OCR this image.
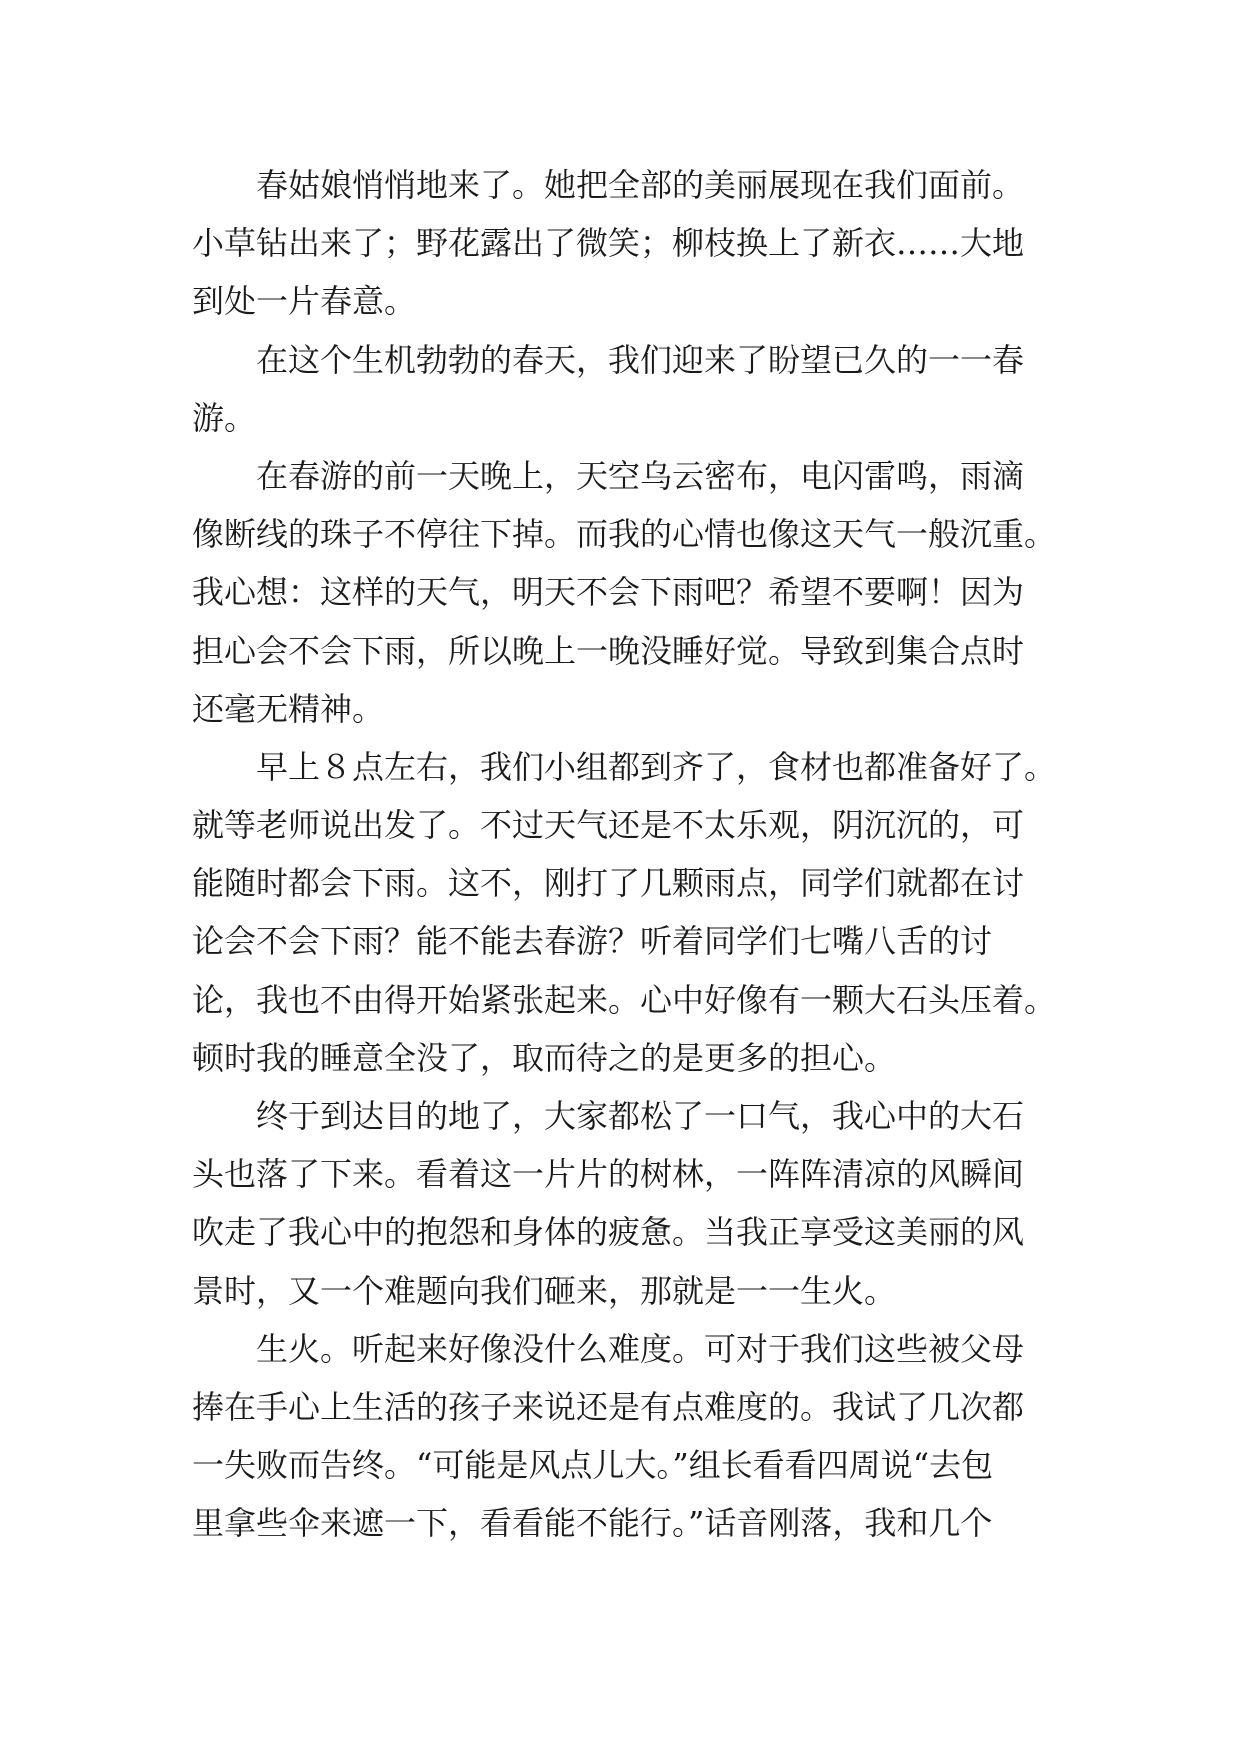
春姑娘悄悄地来了。她把全部的美丽展现在我们面前。
小草钻出来了；野花露出了微笑；柳枝换上了新衣……大地
到处一片春意。
在这个生机勃勃的春天，我们迎来了盼望已久的一一春
游。
在春游的前一天晚上，天空乌云密布，电闪雷鸣，雨滴
像断线的珠子不停往下掉。而我的心情也像这天气一般沉重。
我心想：这样的天气，明天不会下雨吧？希望不要啊！因为
担心会不会下雨，所以晚上一晚没睡好觉。导致到集合点时
还毫无精神。
早上８点左右，我们小组都到齐了，食材也都准备好了。
就等老师说出发了。不过天气还是不太乐观，阴沉沉的，可
能随时都会下雨。这不，刚打了几颗雨点，同学们就都在讨
论会不会下雨？能不能去春游？听着同学们七嘴八舌的讨
论，我也不由得开始紧张起来。心中好像有一颗大石头压着。
顿时我的睡意全没了，取而待之的是更多的担心。
终于到达目的地了，大家都松了一口气，我心中的大石
头也落了下来。看着这一片片的树林，一阵阵清凉的风瞬间
吹走了我心中的抱怨和身体的疲惫。当我正享受这美丽的风
景时，又一个难题向我们砸来，那就是一一生火。
生火。听起来好像没什么难度。可对于我们这些被父母
捧在手心上生活的孩子来说还是有点难度的。我试了几次都
一失败而告终。“可能是风点儿大。”组长看看四周说“去包
里拿些伞来遮一下，看看能不能行。”话音刚落，我和几个
